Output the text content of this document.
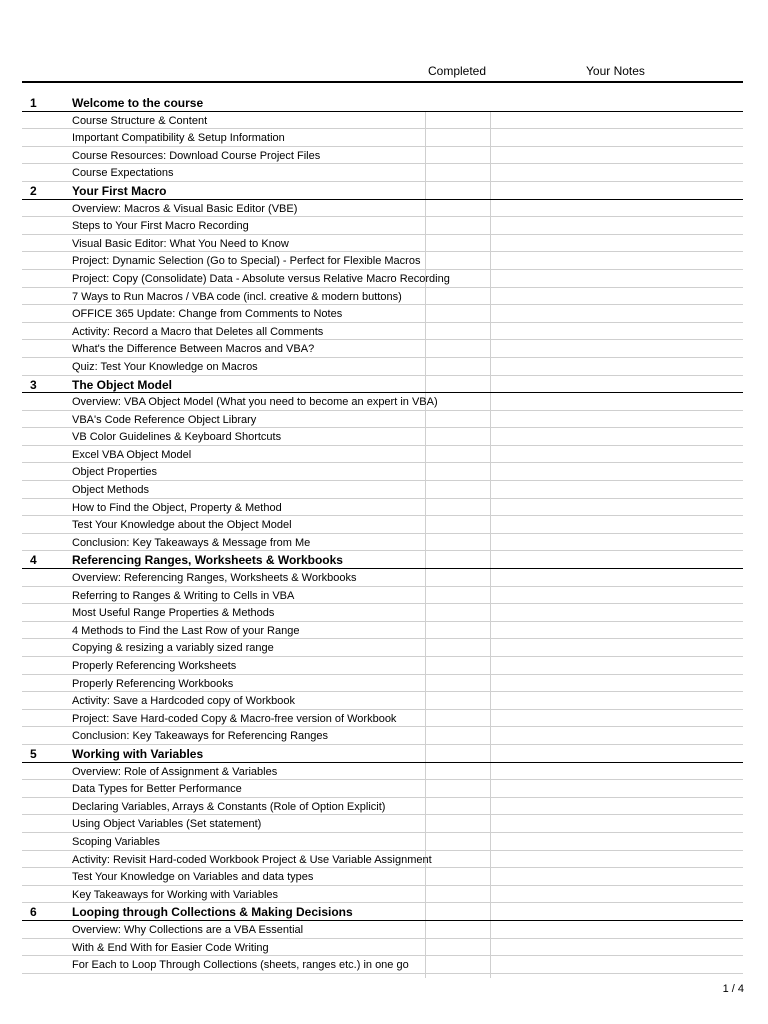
Completed	Your Notes
1	Welcome to the course
Course Structure & Content
Important Compatibility & Setup Information
Course Resources: Download Course Project Files
Course Expectations
2	Your First Macro
Overview: Macros & Visual Basic Editor (VBE)
Steps to Your First Macro Recording
Visual Basic Editor: What You Need to Know
Project: Dynamic Selection (Go to Special) - Perfect for Flexible Macros
Project: Copy (Consolidate) Data - Absolute versus Relative Macro Recording
7 Ways to Run Macros / VBA code (incl. creative & modern buttons)
OFFICE 365 Update: Change from Comments to Notes
Activity: Record a Macro that Deletes all Comments
What's the Difference Between Macros and VBA?
Quiz: Test Your Knowledge on Macros
3	The Object Model
Overview: VBA Object Model (What you need to become an expert in VBA)
VBA's Code Reference Object Library
VB Color Guidelines & Keyboard Shortcuts
Excel VBA Object Model
Object Properties
Object Methods
How to Find the Object, Property & Method
Test Your Knowledge about the Object Model
Conclusion: Key Takeaways & Message from Me
4	Referencing Ranges, Worksheets & Workbooks
Overview: Referencing Ranges, Worksheets & Workbooks
Referring to Ranges & Writing to Cells in VBA
Most Useful Range Properties & Methods
4 Methods to Find the Last Row of your Range
Copying & resizing a variably sized range
Properly Referencing Worksheets
Properly Referencing Workbooks
Activity: Save a Hardcoded copy of Workbook
Project: Save Hard-coded Copy & Macro-free version of Workbook
Conclusion: Key Takeaways for Referencing Ranges
5	Working with Variables
Overview: Role of Assignment & Variables
Data Types for Better Performance
Declaring Variables, Arrays & Constants (Role of Option Explicit)
Using Object Variables (Set statement)
Scoping Variables
Activity: Revisit Hard-coded Workbook Project & Use Variable Assignment
Test Your Knowledge on Variables and data types
Key Takeaways for Working with Variables
6	Looping through Collections & Making Decisions
Overview: Why Collections are a VBA Essential
With & End With for Easier Code Writing
For Each to Loop Through Collections (sheets, ranges etc.) in one go
1 / 4
